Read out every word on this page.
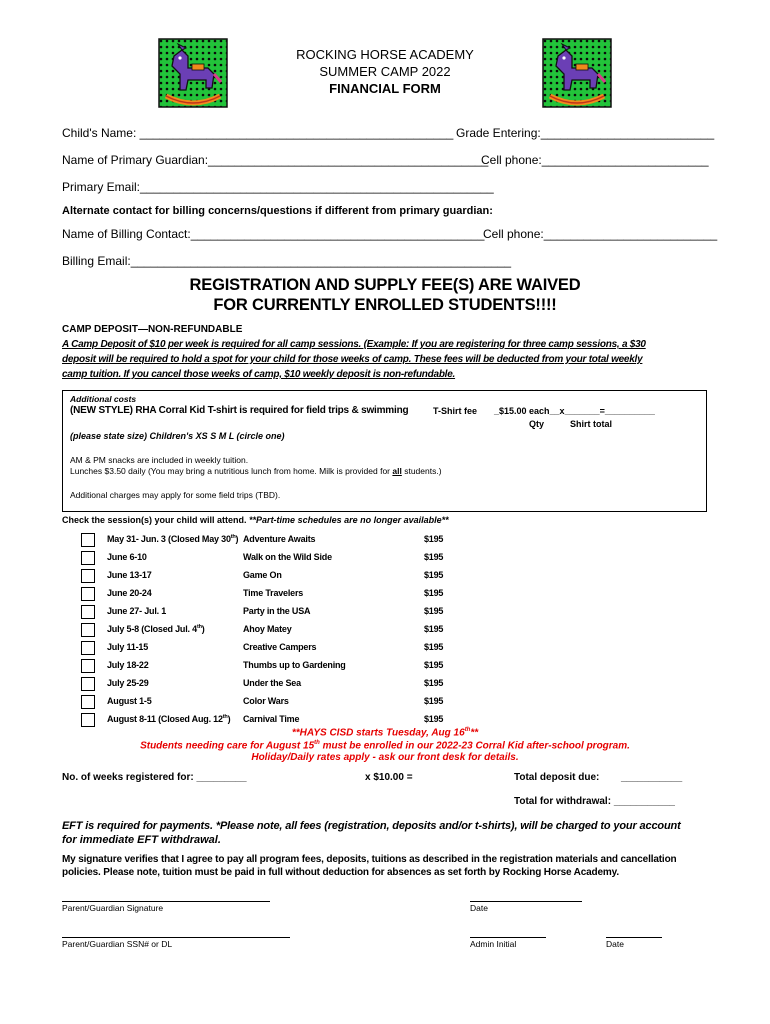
ROCKING HORSE ACADEMY
SUMMER CAMP 2022
FINANCIAL FORM
Child's Name: _______________________________________________ Grade Entering:__________________________
Name of Primary Guardian:__________________________________________
Cell phone:_________________________
Primary Email:_____________________________________________________
Alternate contact for billing concerns/questions if different from primary guardian:
Name of Billing Contact:____________________________________________
Cell phone:__________________________
Billing Email:_________________________________________________________
REGISTRATION AND SUPPLY FEE(S) ARE WAIVED
FOR CURRENTLY ENROLLED STUDENTS!!!!
CAMP DEPOSIT—NON-REFUNDABLE
A Camp Deposit of $10 per week is required for all camp sessions. (Example: If you are registering for three camp sessions, a $30
deposit will be required to hold a spot for your child for those weeks of camp. These fees will be deducted from your total weekly
camp tuition. If you cancel those weeks of camp, $10 weekly deposit is non-refundable.
Additional costs
(NEW STYLE) RHA Corral Kid T-shirt is required for field trips & swimming	T-Shirt fee _$15.00 each__x_______=__________
Qty	Shirt total
(please state size) Children's XS S M L (circle one)
AM & PM snacks are included in weekly tuition.
Lunches $3.50 daily (You may bring a nutritious lunch from home. Milk is provided for all students.)
Additional charges may apply for some field trips (TBD).
Check the session(s) your child will attend. **Part-time schedules are no longer available**
May 31- Jun. 3 (Closed May 30th) Adventure Awaits	$195
June 6-10	Walk on the Wild Side	$195
June 13-17	Game On	$195
June 20-24	Time Travelers	$195
June 27- Jul. 1	Party in the USA	$195
July 5-8 (Closed Jul. 4th)	Ahoy Matey	$195
July 11-15	Creative Campers	$195
July 18-22	Thumbs up to Gardening	$195
July 25-29	Under the Sea	$195
August 1-5	Color Wars	$195
August 8-11 (Closed Aug. 12th) Carnival Time	$195
**HAYS CISD starts Tuesday, Aug 16th**
Students needing care for August 15th must be enrolled in our 2022-23 Corral Kid after-school program.
Holiday/Daily rates apply - ask our front desk for details.
No. of weeks registered for: _________	x $10.00 =	Total deposit due: ___________
Total for withdrawal: ___________
EFT is required for payments. *Please note, all fees (registration, deposits and/or t-shirts), will be charged to your account
for immediate EFT withdrawal.
My signature verifies that I agree to pay all program fees, deposits, tuitions as described in the registration materials and cancellation
policies. Please note, tuition must be paid in full without deduction for absences as set forth by Rocking Horse Academy.
Parent/Guardian Signature	Date
Parent/Guardian SSN# or DL	Admin Initial	Date
